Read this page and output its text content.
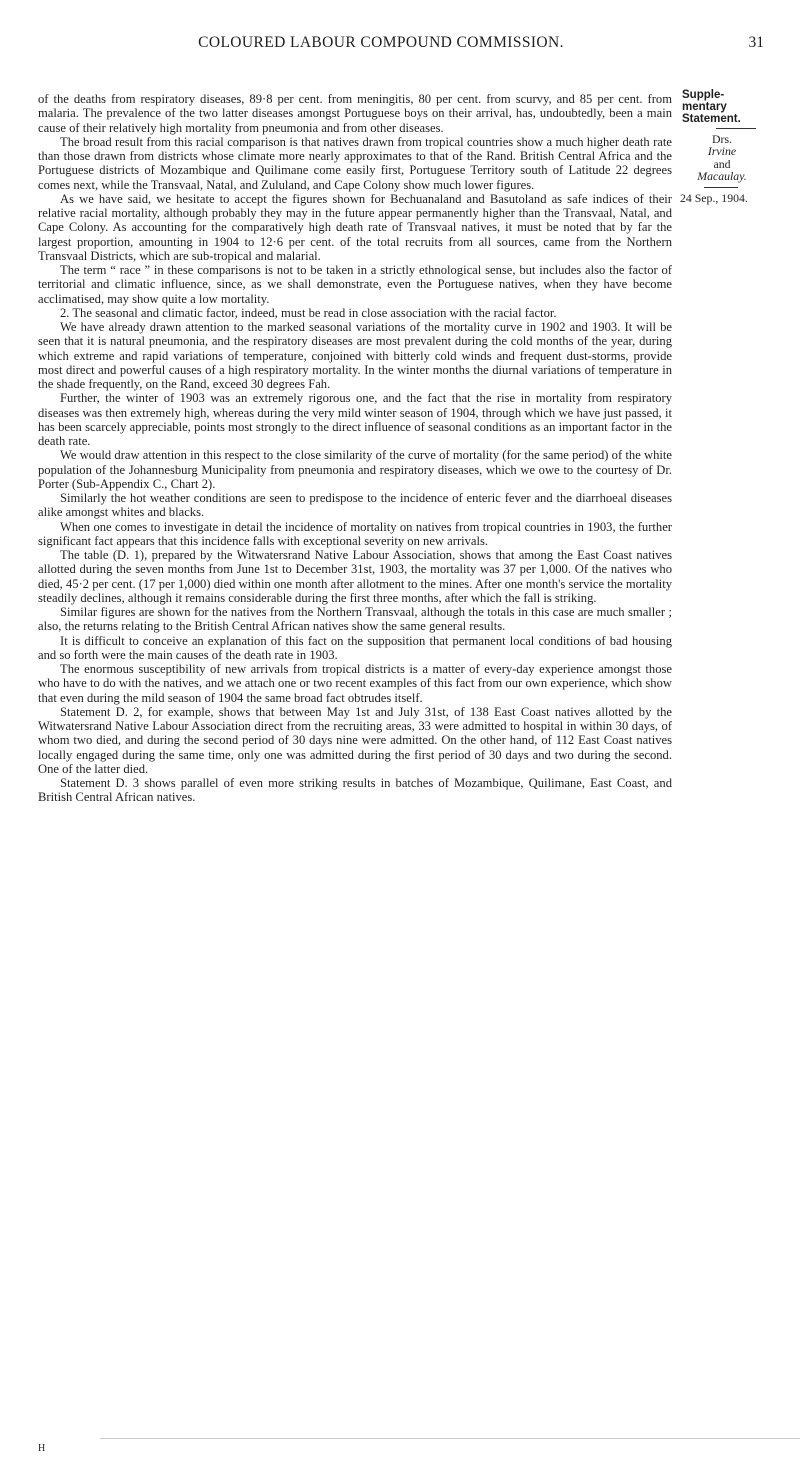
COLOURED LABOUR COMPOUND COMMISSION.	31

of the deaths from respiratory diseases, 89·8 per cent. from meningitis, 80 per cent. from scurvy, and 85 per cent. from malaria. The prevalence of the two latter diseases amongst Portuguese boys on their arrival, has, undoubtedly, been a main cause of their relatively high mortality from pneumonia and from other diseases.

The broad result from this racial comparison is that natives drawn from tropical countries show a much higher death rate than those drawn from districts whose climate more nearly approximates to that of the Rand. British Central Africa and the Portuguese districts of Mozambique and Quilimane come easily first, Portuguese Territory south of Latitude 22 degrees comes next, while the Transvaal, Natal, and Zululand, and Cape Colony show much lower figures.

As we have said, we hesitate to accept the figures shown for Bechuanaland and Basutoland as safe indices of their relative racial mortality, although probably they may in the future appear permanently higher than the Transvaal, Natal, and Cape Colony. As accounting for the comparatively high death rate of Transvaal natives, it must be noted that by far the largest proportion, amounting in 1904 to 12·6 per cent. of the total recruits from all sources, came from the Northern Transvaal Districts, which are sub-tropical and malarial.

The term “ race ” in these comparisons is not to be taken in a strictly ethnological sense, but includes also the factor of territorial and climatic influence, since, as we shall demonstrate, even the Portuguese natives, when they have become acclimatised, may show quite a low mortality.

2. The seasonal and climatic factor, indeed, must be read in close association with the racial factor.

We have already drawn attention to the marked seasonal variations of the mortality curve in 1902 and 1903. It will be seen that it is natural pneumonia, and the respiratory diseases are most prevalent during the cold months of the year, during which extreme and rapid variations of temperature, conjoined with bitterly cold winds and frequent dust-storms, provide most direct and powerful causes of a high respiratory mortality. In the winter months the diurnal variations of temperature in the shade frequently, on the Rand, exceed 30 degrees Fah.

Further, the winter of 1903 was an extremely rigorous one, and the fact that the rise in mortality from respiratory diseases was then extremely high, whereas during the very mild winter season of 1904, through which we have just passed, it has been scarcely appreciable, points most strongly to the direct influence of seasonal conditions as an important factor in the death rate.

We would draw attention in this respect to the close similarity of the curve of mortality (for the same period) of the white population of the Johannesburg Municipality from pneumonia and respiratory diseases, which we owe to the courtesy of Dr. Porter (Sub-Appendix C., Chart 2).

Similarly the hot weather conditions are seen to predispose to the incidence of enteric fever and the diarrhoeal diseases alike amongst whites and blacks.

When one comes to investigate in detail the incidence of mortality on natives from tropical countries in 1903, the further significant fact appears that this incidence falls with exceptional severity on new arrivals.

The table (D. 1), prepared by the Witwatersrand Native Labour Association, shows that among the East Coast natives allotted during the seven months from June 1st to December 31st, 1903, the mortality was 37 per 1,000. Of the natives who died, 45·2 per cent. (17 per 1,000) died within one month after allotment to the mines. After one month's service the mortality steadily declines, although it remains considerable during the first three months, after which the fall is striking.

Similar figures are shown for the natives from the Northern Transvaal, although the totals in this case are much smaller ; also, the returns relating to the British Central African natives show the same general results.

It is difficult to conceive an explanation of this fact on the supposition that permanent local conditions of bad housing and so forth were the main causes of the death rate in 1903.

The enormous susceptibility of new arrivals from tropical districts is a matter of every-day experience amongst those who have to do with the natives, and we attach one or two recent examples of this fact from our own experience, which show that even during the mild season of 1904 the same broad fact obtrudes itself.

Statement D. 2, for example, shows that between May 1st and July 31st, of 138 East Coast natives allotted by the Witwatersrand Native Labour Association direct from the recruiting areas, 33 were admitted to hospital in within 30 days, of whom two died, and during the second period of 30 days nine were admitted. On the other hand, of 112 East Coast natives locally engaged during the same time, only one was admitted during the first period of 30 days and two during the second. One of the latter died.

Statement D. 3 shows parallel of even more striking results in batches of Mozambique, Quilimane, East Coast, and British Central African natives.

Supple-
mentary
Statement.
Drs.
Irvine
and
Macaulay.
24 Sep., 1904.
H
